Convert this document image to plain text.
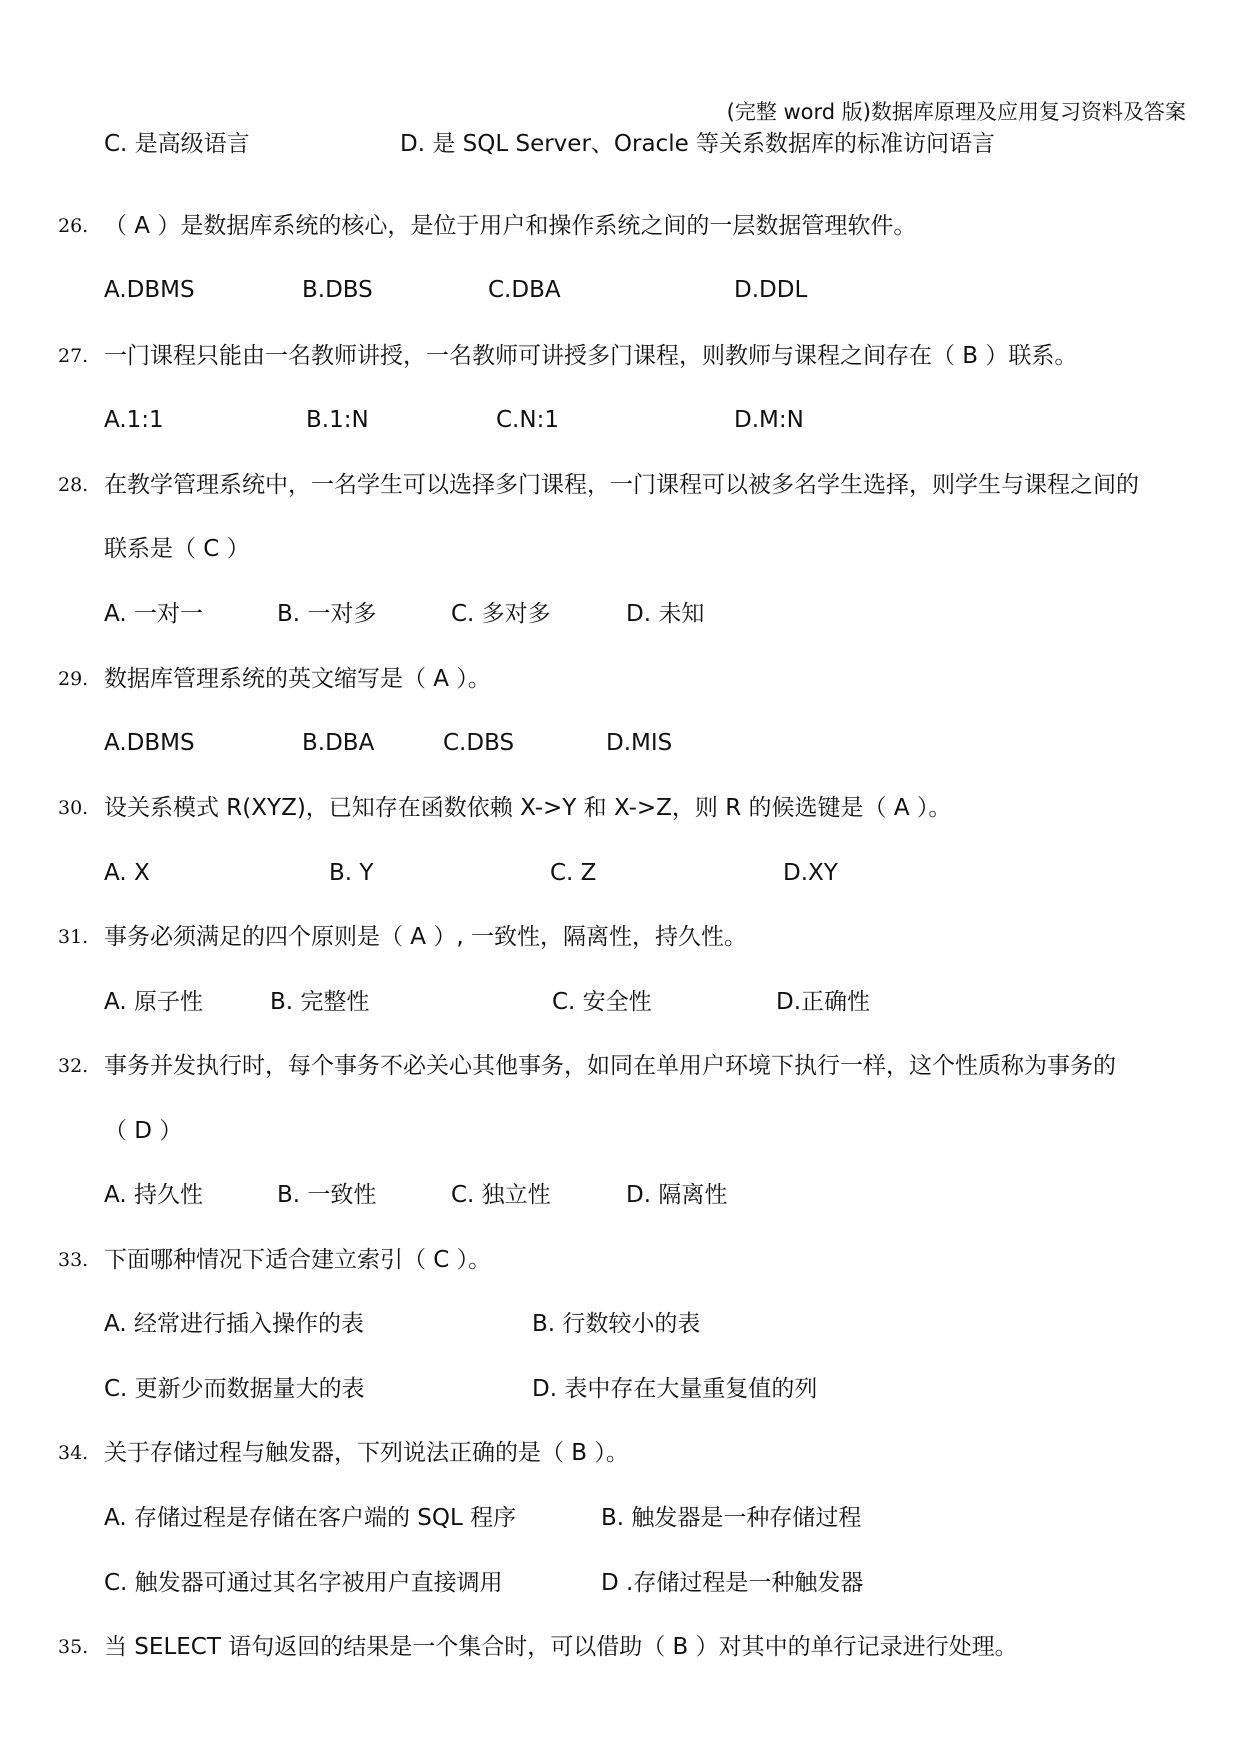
(完整 word 版)数据库原理及应用复习资料及答案
C. 是高级语言	D. 是 SQL Server、Oracle 等关系数据库的标准访问语言
26. （ A ）是数据库系统的核心，是位于用户和操作系统之间的一层数据管理软件。
A.DBMS	B.DBS	C.DBA	D.DDL
27. 一门课程只能由一名教师讲授，一名教师可讲授多门课程，则教师与课程之间存在（ B ）联系。
A.1:1	B.1:N	C.N:1	D.M:N
28. 在教学管理系统中，一名学生可以选择多门课程，一门课程可以被多名学生选择，则学生与课程之间的
联系是（ C ）
A. 一对一	B. 一对多	C. 多对多	D. 未知
29. 数据库管理系统的英文缩写是（ A ）。
A.DBMS	B.DBA	C.DBS	D.MIS
30. 设关系模式 R(XYZ)，已知存在函数依赖 X->Y 和 X->Z，则 R 的候选键是（ A ）。
A. X	B. Y	C. Z	D.XY
31. 事务必须满足的四个原则是（ A ）, 一致性，隔离性，持久性。
A. 原子性	B. 完整性	C. 安全性	D.正确性
32. 事务并发执行时，每个事务不必关心其他事务，如同在单用户环境下执行一样，这个性质称为事务的
（ D ）
A. 持久性	B. 一致性	C. 独立性	D. 隔离性
33. 下面哪种情况下适合建立索引（ C ）。
A. 经常进行插入操作的表	B. 行数较小的表
C. 更新少而数据量大的表	D. 表中存在大量重复值的列
34. 关于存储过程与触发器，下列说法正确的是（ B ）。
A. 存储过程是存储在客户端的 SQL 程序	B. 触发器是一种存储过程
C. 触发器可通过其名字被用户直接调用	D .存储过程是一种触发器
35. 当 SELECT 语句返回的结果是一个集合时，可以借助（ B ）对其中的单行记录进行处理。
